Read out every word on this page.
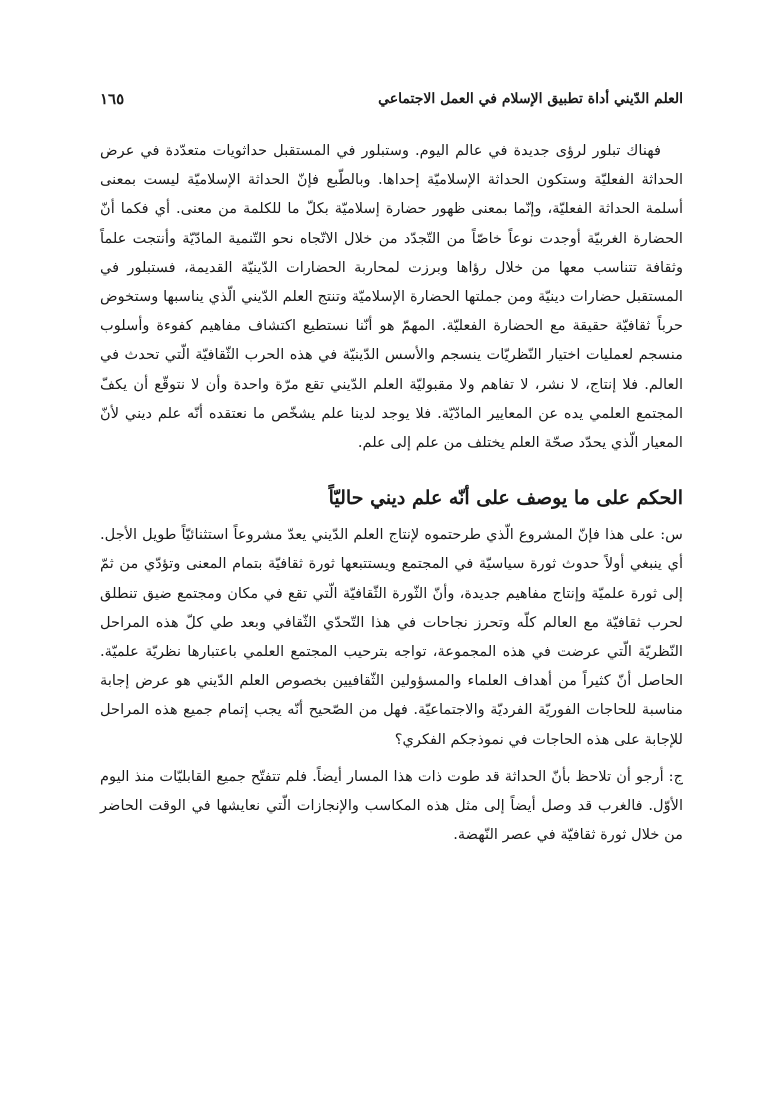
العلم الدّيني أداة تطبيق الإسلام في العمل الاجتماعي
١٦٥

فهناك تبلور لرؤى جديدة في عالم اليوم. وستبلور في المستقبل حداثويات متعدّدة في عرض الحداثة الفعليّة وستكون الحداثة الإسلاميّة إحداها. وبالطّبع فإنّ الحداثة الإسلاميّة ليست بمعنى أسلمة الحداثة الفعليّة، وإنّما بمعنى ظهور حضارة إسلاميّة بكلّ ما للكلمة من معنى. أي فكما أنّ الحضارة الغربيّة أوجدت نوعاً خاصّاً من التّجدّد من خلال الاتّجاه نحو التّنمية المادّيّة وأنتجت علماً وثقافة تتناسب معها من خلال رؤاها وبرزت لمحاربة الحضارات الدّينيّة القديمة، فستبلور في المستقبل حضارات دينيّة ومن جملتها الحضارة الإسلاميّة وتنتج العلم الدّيني الّذي يناسبها وستخوض حرباً ثقافيّة حقيقة مع الحضارة الفعليّة. المهمّ هو أنّنا نستطيع اكتشاف مفاهيم كفوءة وأسلوب منسجم لعمليات اختيار النّظريّات ينسجم والأسس الدّينيّة في هذه الحرب الثّقافيّة الّتي تحدث في العالم. فلا إنتاج، لا نشر، لا تفاهم ولا مقبوليّة العلم الدّيني تقع مرّة واحدة وأن لا نتوقّع أن يكفّ المجتمع العلمي يده عن المعايير المادّيّة. فلا يوجد لدينا علم يشخّص ما نعتقده أنّه علم ديني لأنّ المعيار الّذي يحدّد صحّة العلم يختلف من علم إلى علم.

الحكم على ما يوصف على أنّه علم ديني حاليّاً

س: على هذا فإنّ المشروع الّذي طرحتموه لإنتاج العلم الدّيني يعدّ مشروعاً استثنائيّاً طويل الأجل. أي ينبغي أولاً حدوث ثورة سياسيّة في المجتمع ويستتبعها ثورة ثقافيّة بتمام المعنى وتؤدّي من ثمّ إلى ثورة علميّة وإنتاج مفاهيم جديدة، وأنّ الثّورة الثّقافيّة الّتي تقع في مكان ومجتمع ضيق تنطلق لحرب ثقافيّة مع العالم كلّه وتحرز نجاحات في هذا التّحدّي الثّقافي وبعد طي كلّ هذه المراحل النّظريّة الّتي عرضت في هذه المجموعة، تواجه بترحيب المجتمع العلمي باعتبارها نظريّة علميّة. الحاصل أنّ كثيراً من أهداف العلماء والمسؤولين الثّقافيين بخصوص العلم الدّيني هو عرض إجابة مناسبة للحاجات الفوريّة الفرديّة والاجتماعيّة. فهل من الصّحيح أنّه يجب إتمام جميع هذه المراحل للإجابة على هذه الحاجات في نموذجكم الفكري؟

ج: أرجو أن تلاحظ بأنّ الحداثة قد طوت ذات هذا المسار أيضاً. فلم تتفتّح جميع القابليّات منذ اليوم الأوّل. فالغرب قد وصل أيضاً إلى مثل هذه المكاسب والإنجازات الّتي نعايشها في الوقت الحاضر من خلال ثورة ثقافيّة في عصر النّهضة.
